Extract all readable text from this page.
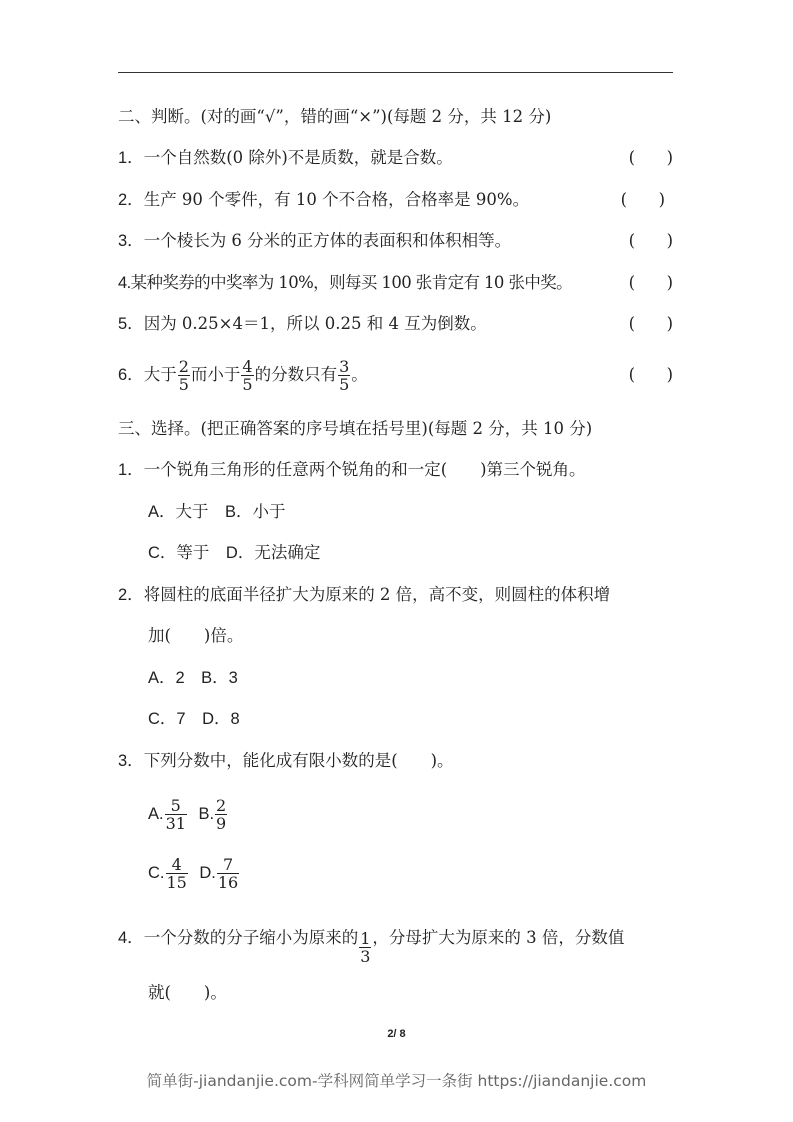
二、判断。(对的画“√”，错的画“×”)(每题 2 分，共 12 分)
1．一个自然数(0 除外)不是质数，就是合数。	(      )
2．生产 90 个零件，有 10 个不合格，合格率是 90%。	(      )
3．一个棱长为 6 分米的正方体的表面积和体积相等。	(      )
4.某种奖券的中奖率为 10%，则每买 100 张肯定有 10 张中奖。	(      )
5．因为 0.25×4＝1，所以 0.25 和 4 互为倒数。	(      )
6．大于 $\frac{2}{5}$ 而小于 $\frac{4}{5}$ 的分数只有 $\frac{3}{5}$ 。	(      )
三、选择。(把正确答案的序号填在括号里)(每题 2 分，共 10 分)
1．一个锐角三角形的任意两个锐角的和一定(　　)第三个锐角。
A．大于　B．小于
C．等于　D．无法确定
2．将圆柱的底面半径扩大为原来的 2 倍，高不变，则圆柱的体积增
加(　　)倍。
A．2　B．3
C．7　D．8
3．下列分数中，能化成有限小数的是(　　)。
A. $\frac{5}{31} B$. $\frac{2}{9}$
C. $\frac{4}{15} D$. $\frac{7}{16}$
4．一个分数的分子缩小为原来的 $\frac{1}{3}$ ，分母扩大为原来的 3 倍，分数值
就(　　)。
2/ 8
简单街-jiandanjie.com-学科网简单学习一条街 https://jiandanjie.com
